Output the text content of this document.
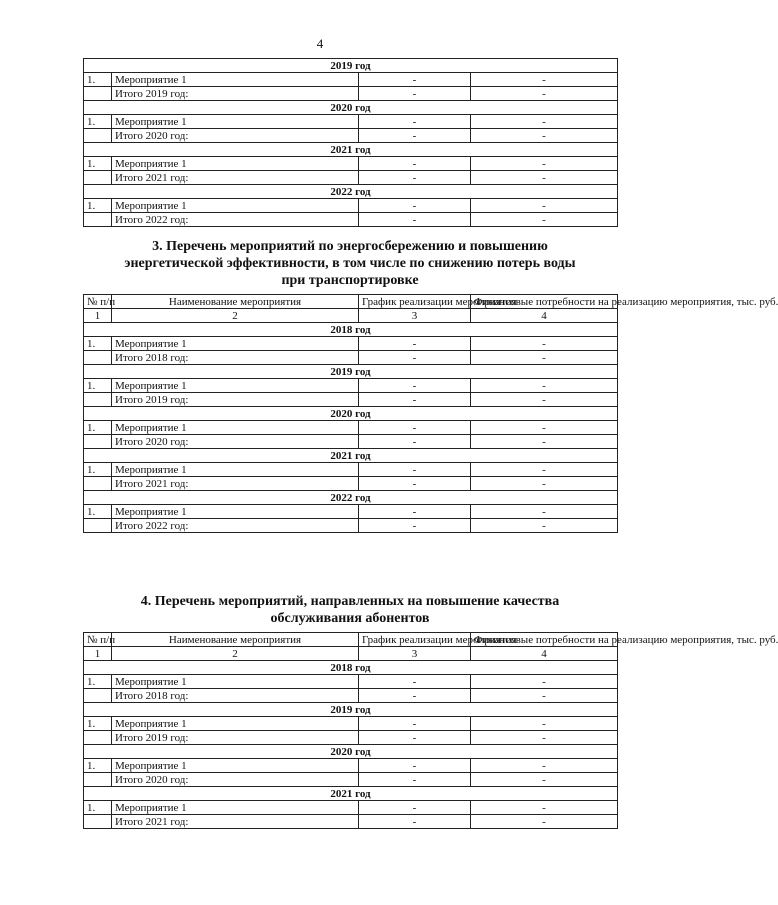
4
2019 год			
1.	Мероприятие 1	-	-
	Итого 2019 год:	-	-
2020 год			
1.	Мероприятие 1	-	-
	Итого 2020 год:	-	-
2021 год			
1.	Мероприятие 1	-	-
	Итого 2021 год:	-	-
2022 год			
1.	Мероприятие 1	-	-
	Итого 2022 год:	-	-
3. Перечень мероприятий по энергосбережению и повышению
энергетической эффективности, в том числе по снижению потерь воды
при транспортировке
№ п/п	Наименование мероприятия	График реализации мероприятия	Финансовые потребности на реализацию мероприятия, тыс. руб.
1	2	3	4
2018 год			
1.	Мероприятие 1	-	-
	Итого 2018 год:	-	-
2019 год			
1.	Мероприятие 1	-	-
	Итого 2019 год:	-	-
2020 год			
1.	Мероприятие 1	-	-
	Итого 2020 год:	-	-
2021 год			
1.	Мероприятие 1	-	-
	Итого 2021 год:	-	-
2022 год			
1.	Мероприятие 1	-	-
	Итого 2022 год:	-	-
4. Перечень мероприятий, направленных на повышение качества
обслуживания абонентов
№ п/п	Наименование мероприятия	График реализации мероприятия	Финансовые потребности на реализацию мероприятия, тыс. руб.
1	2	3	4
2018 год			
1.	Мероприятие 1	-	-
	Итого 2018 год:	-	-
2019 год			
1.	Мероприятие 1	-	-
	Итого 2019 год:	-	-
2020 год			
1.	Мероприятие 1	-	-
	Итого 2020 год:	-	-
2021 год			
1.	Мероприятие 1	-	-
	Итого 2021 год:	-	-
